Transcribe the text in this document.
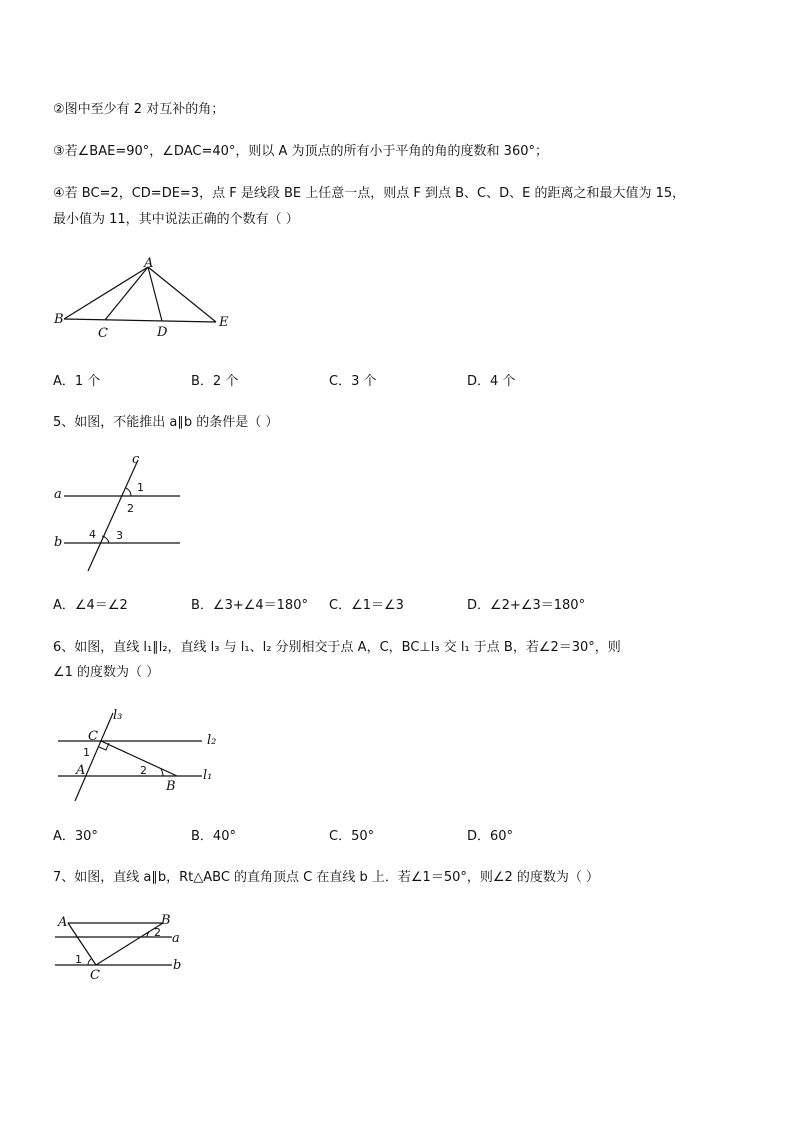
②图中至少有 2 对互补的角；
③若∠BAE=90°，∠DAC=40°，则以 A 为顶点的所有小于平角的角的度数和 360°；
④若 BC=2，CD=DE=3，点 F 是线段 BE 上任意一点，则点 F 到点 B、C、D、E 的距离之和最大值为 15，
最小值为 11，其中说法正确的个数有（ ）
A
B
C	D
E
A．1 个	B．2 个	C．3 个	D．4 个
5、如图，不能推出 a∥b 的条件是（ ）
c
a
b
1
2
4 3
A．∠4＝∠2	B．∠3+∠4＝180° C．∠1＝∠3	D．∠2+∠3＝180°
6、如图，直线 l₁∥l₂，直线 l₃ 与 l₁、l₂ 分别相交于点 A，C，BC⊥l₃ 交 l₁ 于点 B，若∠2＝30°，则
∠1 的度数为（ ）
l₃
l₂
l₁
C
1
A	2
B
A．30°	B．40°	C．50°	D．60°
7、如图，直线 a∥b，Rt△ABC 的直角顶点 C 在直线 b 上．若∠1＝50°，则∠2 的度数为（ ）
A	B
2 a
1	b
C
